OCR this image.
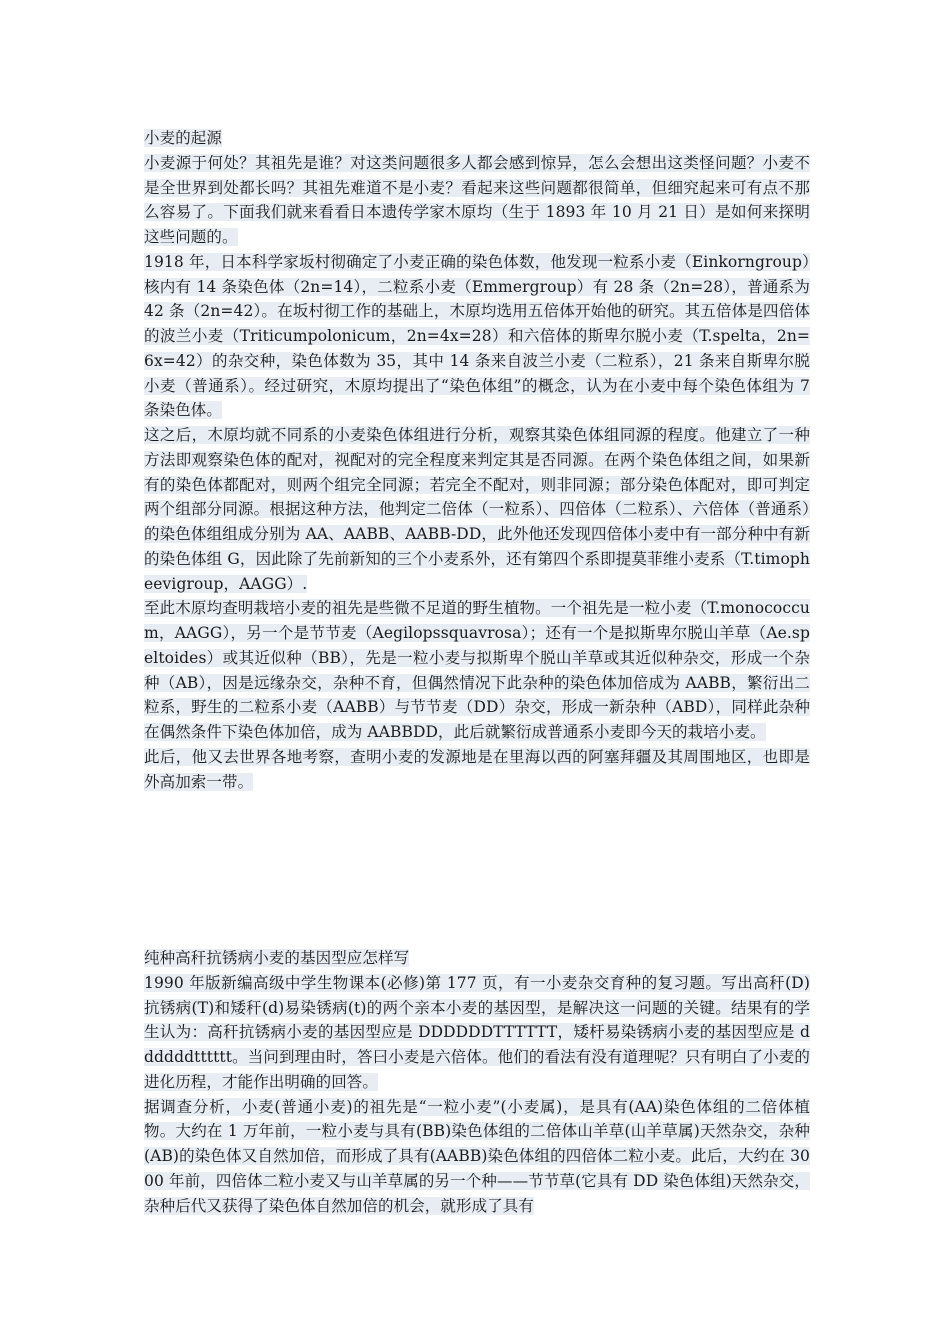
小麦的起源

小麦源于何处？其祖先是谁？对这类问题很多人都会感到惊异，怎么会想出这类怪问题？小麦不是全世界到处都长吗？其祖先难道不是小麦？看起来这些问题都很简单，但细究起来可有点不那么容易了。下面我们就来看看日本遗传学家木原均（生于 1893 年 10 月 21 日）是如何来探明这些问题的。

1918 年，日本科学家坂村彻确定了小麦正确的染色体数，他发现一粒系小麦（Einkorngroup）核内有 14 条染色体（2n=14），二粒系小麦（Emmergroup）有 28 条（2n=28），普通系为 42 条（2n=42）。在坂村彻工作的基础上，木原均选用五倍体开始他的研究。其五倍体是四倍体的波兰小麦（Triticumpolonicum，2n=4x=28）和六倍体的斯卑尔脱小麦（T.spelta，2n=6x=42）的杂交种，染色体数为 35，其中 14 条来自波兰小麦（二粒系），21 条来自斯卑尔脱小麦（普通系）。经过研究，木原均提出了“染色体组”的概念，认为在小麦中每个染色体组为 7 条染色体。

这之后，木原均就不同系的小麦染色体组进行分析，观察其染色体组同源的程度。他建立了一种方法即观察染色体的配对，视配对的完全程度来判定其是否同源。在两个染色体组之间，如果新有的染色体都配对，则两个组完全同源；若完全不配对，则非同源；部分染色体配对，即可判定两个组部分同源。根据这种方法，他判定二倍体（一粒系）、四倍体（二粒系）、六倍体（普通系）的染色体组组成分别为 AA、AABB、AABB-DD，此外他还发现四倍体小麦中有一部分种中有新的染色体组 G，因此除了先前新知的三个小麦系外，还有第四个系即提莫菲维小麦系（T.timopheevigroup，AAGG）.

至此木原均查明栽培小麦的祖先是些微不足道的野生植物。一个祖先是一粒小麦（T.monococcum，AAGG），另一个是节节麦（Aegilopssquavrosa）；还有一个是拟斯卑尔脱山羊草（Ae.speltoides）或其近似种（BB），先是一粒小麦与拟斯卑个脱山羊草或其近似种杂交，形成一个杂种（AB），因是远缘杂交，杂种不育，但偶然情况下此杂种的染色体加倍成为 AABB，繁衍出二粒系，野生的二粒系小麦（AABB）与节节麦（DD）杂交，形成一新杂种（ABD），同样此杂种在偶然条件下染色体加倍，成为 AABBDD，此后就繁衍成普通系小麦即今天的栽培小麦。

此后，他又去世界各地考察，查明小麦的发源地是在里海以西的阿塞拜疆及其周围地区，也即是外高加索一带。

纯种高秆抗锈病小麦的基因型应怎样写

1990 年版新编高级中学生物课本(必修)第 177 页，有一小麦杂交育种的复习题。写出高秆(D)抗锈病(T)和矮秆(d)易染锈病(t)的两个亲本小麦的基因型，是解决这一问题的关键。结果有的学生认为：高秆抗锈病小麦的基因型应是 DDDDDDTTTTTT，矮杆易染锈病小麦的基因型应是 ddddddtttttt。当问到理由时，答曰小麦是六倍体。他们的看法有没有道理呢？只有明白了小麦的进化历程，才能作出明确的回答。

据调查分析，小麦(普通小麦)的祖先是“一粒小麦”(小麦属)，是具有(AA)染色体组的二倍体植物。大约在 1 万年前，一粒小麦与具有(BB)染色体组的二倍体山羊草(山羊草属)天然杂交，杂种(AB)的染色体又自然加倍，而形成了具有(AABB)染色体组的四倍体二粒小麦。此后，大约在 3000 年前，四倍体二粒小麦又与山羊草属的另一个种——节节草(它具有 DD 染色体组)天然杂交，杂种后代又获得了染色体自然加倍的机会，就形成了具有
